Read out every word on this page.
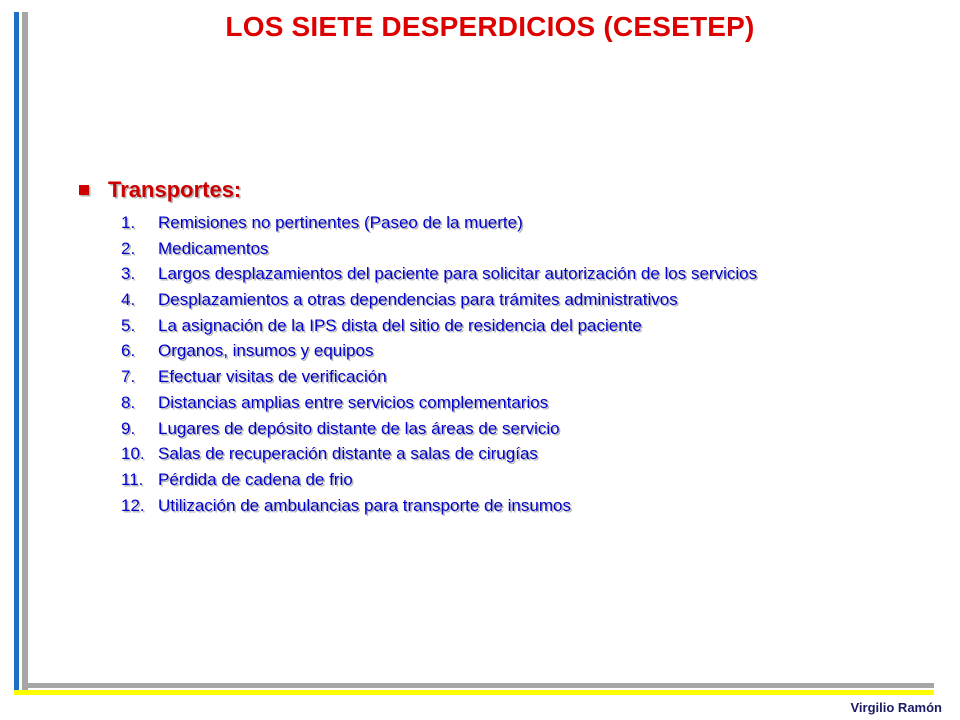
LOS SIETE DESPERDICIOS (CESETEP)
Transportes:
1.	Remisiones no pertinentes (Paseo de la muerte)
2.	Medicamentos
3.	Largos desplazamientos del paciente para solicitar autorización de los servicios
4.	Desplazamientos a otras dependencias para trámites administrativos
5.	La asignación de la IPS dista del sitio de residencia del paciente
6.	Organos, insumos y equipos
7.	Efectuar visitas de verificación
8.	Distancias amplias entre servicios complementarios
9.	Lugares de depósito distante de las áreas de servicio
10. Salas de recuperación distante a salas de cirugías
11. Pérdida de cadena de frio
12. Utilización de ambulancias para transporte de insumos
Virgilio Ramón
